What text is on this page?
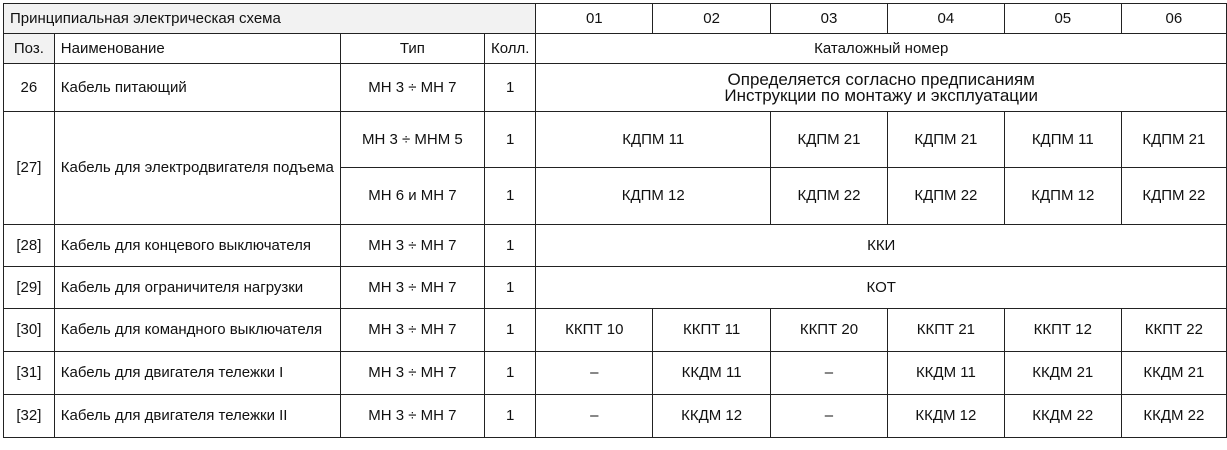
Принципиальная электрическая схема				01	02	03	04	05	06
Поз.	Наименование	Тип	Колл.	Каталожный номер					
26	Кабель питающий	МН 3 ÷ МН 7	1	Определяется согласно предписаниям
Инструкции по монтажу и эксплуатации					

[27]	Кабель для электродвигателя подъема	МН 3 ÷ МНМ 5	1	КДПМ 11		КДПМ 21	КДПМ 21	КДПМ 11	КДПМ 21
		МН 6 и МН 7	1	КДПМ 12		КДПМ 22	КДПМ 22	КДПМ 12	КДПМ 22
[28]	Кабель для концевого выключателя	МН 3 ÷ МН 7	1	ККИ					
[29]	Кабель для ограничителя нагрузки	МН 3 ÷ МН 7	1	КОТ					
[30]	Кабель для командного выключателя	МН 3 ÷ МН 7	1	ККПТ 10	ККПТ 11	ККПТ 20	ККПТ 21	ККПТ 12	ККПТ 22
[31]	Кабель для двигателя тележки I	МН 3 ÷ МН 7	1	–	ККДМ 11	–	ККДМ 11	ККДМ 21	ККДМ 21
[32]	Кабель для двигателя тележки II	МН 3 ÷ МН 7	1	–	ККДМ 12	–	ККДМ 12	ККДМ 22	ККДМ 22
